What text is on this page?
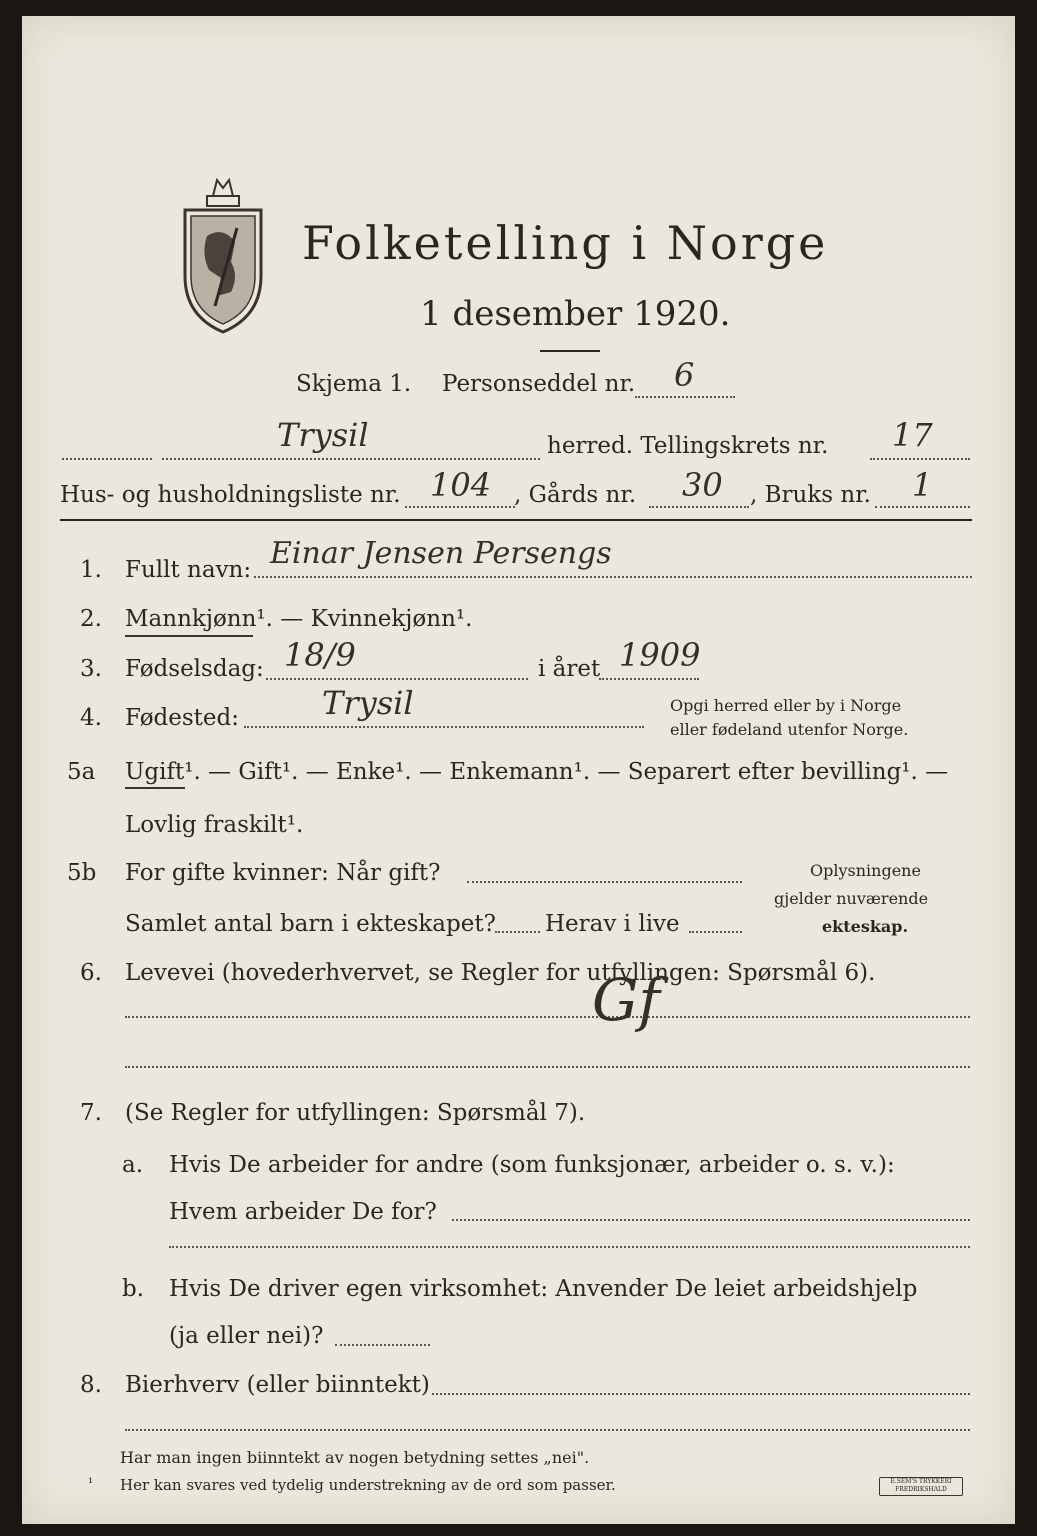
Folketelling i Norge
1 desember 1920.
Skjema 1. Personseddel nr. 6
Trysil	herred. Tellingskrets nr. 17
Hus- og husholdningsliste nr. 104 , Gårds nr. 30 , Bruks nr. 1
1. Fullt navn: Einar Jensen Persengs
2. Mannkjønn¹. — Kvinnekjønn¹.
3. Fødselsdag: 18/9	i året 1909
4. Fødested:	Trysil	Opgi herred eller by i Norge
eller fødeland utenfor Norge.
5a Ugift¹. — Gift¹. — Enke¹. — Enkemann¹. — Separert efter bevilling¹. —
Lovlig fraskilt¹.
5b For gifte kvinner: Når gift?
Samlet antal barn i ekteskapet? Herav i live
Oplysningene
gjelder nuværende
ekteskap.
6. Levevei (hovederhvervet, se Regler for utfyllingen: Spørsmål 6).
Gf
7. (Se Regler for utfyllingen: Spørsmål 7).
a. Hvis De arbeider for andre (som funksjonær, arbeider o. s. v.):
Hvem arbeider De for?
b. Hvis De driver egen virksomhet: Anvender De leiet arbeidshjelp
(ja eller nei)?
8. Bierhverv (eller biinntekt)
Har man ingen biinntekt av nogen betydning settes „nei".
¹ Her kan svares ved tydelig understrekning av de ord som passer.	E.SEM'S TRYKKERI FREDRIKSHALD
